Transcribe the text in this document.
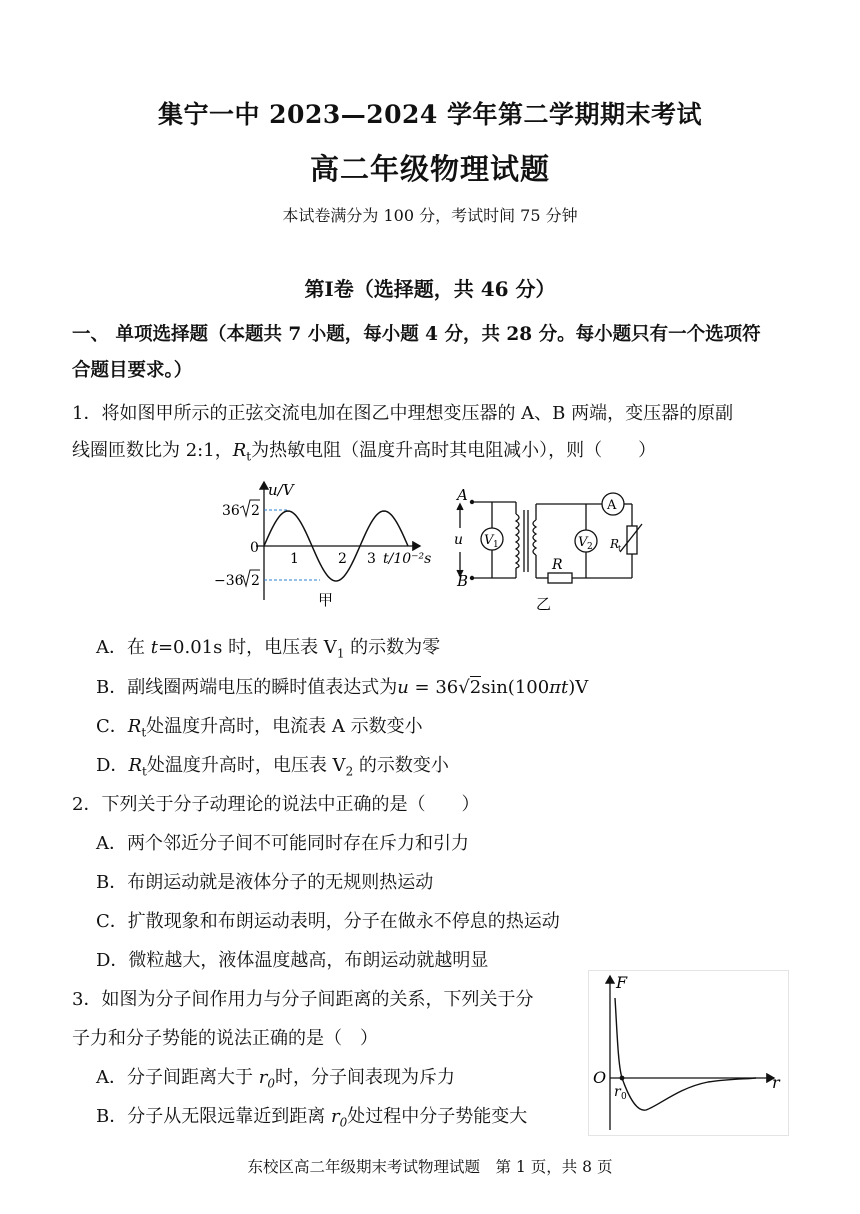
集宁一中 2023—2024 学年第二学期期末考试
高二年级物理试题
本试卷满分为 100 分，考试时间 75 分钟
第Ⅰ卷（选择题，共 46 分）
一、 单项选择题（本题共 7 小题，每小题 4 分，共 28 分。每小题只有一个选项符
合题目要求。）
1．将如图甲所示的正弦交流电加在图乙中理想变压器的 A、B 两端，变压器的原副
线圈匝数比为 2:1，$R_t$为热敏电阻（温度升高时其电阻减小），则（　　）
u/V
36 2
−36 2
0
1	2 3 t/10⁻²s
甲
A
B
u V 1	V 2
A
R
R
t
乙
A．在 t=0.01s 时，电压表 $V_1$ 的示数为零
B．副线圈两端电压的瞬时值表达式为u = 36√2sin(100πt)V
C．$R_t$处温度升高时，电流表 A 示数变小
D．$R_t$处温度升高时，电压表 $V_2$ 的示数变小
2．下列关于分子动理论的说法中正确的是（　　）
A．两个邻近分子间不可能同时存在斥力和引力
B．布朗运动就是液体分子的无规则热运动
C．扩散现象和布朗运动表明，分子在做永不停息的热运动
D．微粒越大，液体温度越高，布朗运动就越明显
3．如图为分子间作用力与分子间距离的关系，下列关于分
子力和分子势能的说法正确的是（　）
A．分子间距离大于 $r_0$时，分子间表现为斥力
B．分子从无限远靠近到距离 $r_0$处过程中分子势能变大
F
O
r 0
r
东校区高二年级期末考试物理试题　第 1 页，共 8 页
